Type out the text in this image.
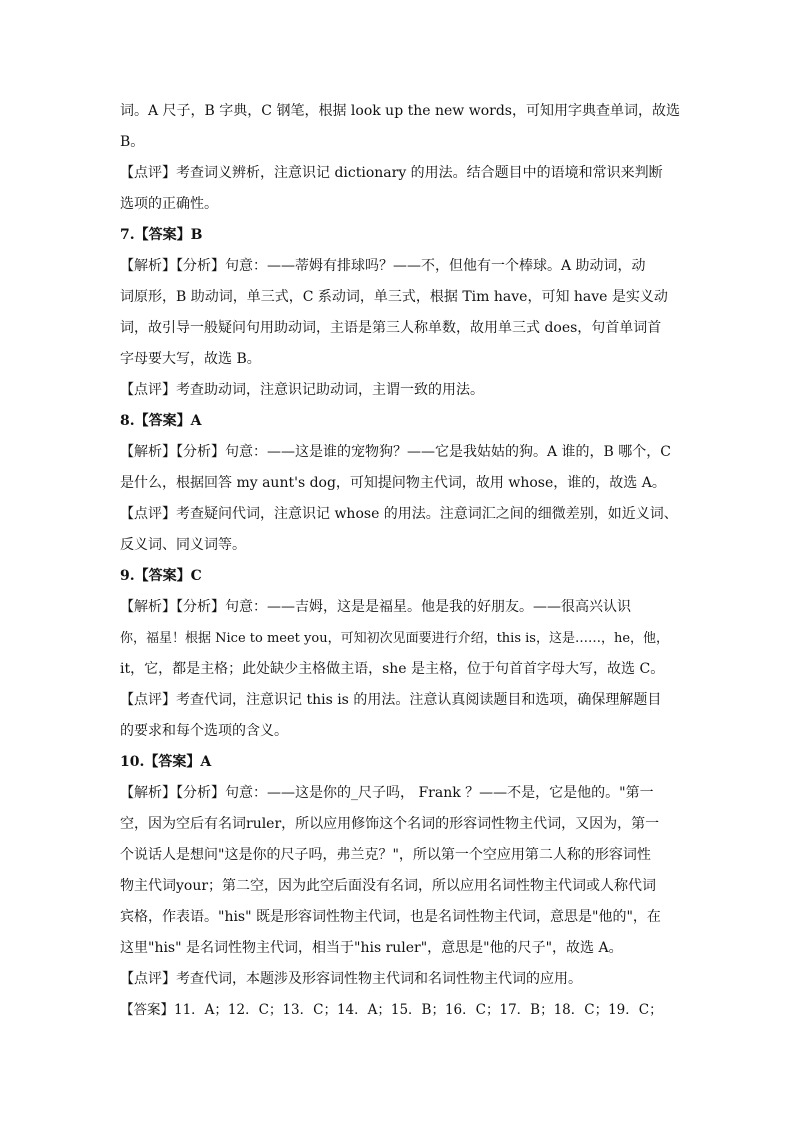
词。A 尺子，B 字典，C 钢笔，根据 look up the new words，可知用字典查单词，故选
B。
【点评】考查词义辨析，注意识记 dictionary 的用法。结合题目中的语境和常识来判断
选项的正确性。
7.【答案】B
【解析】【分析】句意：——蒂姆有排球吗？——不，但他有一个棒球。A 助动词，动
词原形，B 助动词，单三式，C 系动词，单三式，根据 Tim have，可知 have 是实义动
词，故引导一般疑问句用助动词，主语是第三人称单数，故用单三式 does，句首单词首
字母要大写，故选 B。
【点评】考查助动词，注意识记助动词，主谓一致的用法。
8.【答案】A
【解析】【分析】句意：——这是谁的宠物狗？——它是我姑姑的狗。A 谁的，B 哪个，C
是什么，根据回答 my aunt's dog，可知提问物主代词，故用 whose，谁的，故选 A。
【点评】考查疑问代词，注意识记 whose 的用法。注意词汇之间的细微差别，如近义词、
反义词、同义词等。
9.【答案】C
【解析】【分析】句意：——吉姆，这是是福星。他是我的好朋友。——很高兴认识
你，福星！根据 Nice to meet you，可知初次见面要进行介绍，this is，这是……，he，他，
it，它，都是主格；此处缺少主格做主语，she 是主格，位于句首首字母大写，故选 C。
【点评】考查代词，注意识记 this is 的用法。注意认真阅读题目和选项，确保理解题目
的要求和每个选项的含义。
10.【答案】A
【解析】【分析】句意：——这是你的_尺子吗， Frank ？——不是，它是他的。"第一
空，因为空后有名词ruler，所以应用修饰这个名词的形容词性物主代词，又因为，第一
个说话人是想问"这是你的尺子吗，弗兰克？"，所以第一个空应用第二人称的形容词性
物主代词your；第二空，因为此空后面没有名词，所以应用名词性物主代词或人称代词
宾格，作表语。"his" 既是形容词性物主代词，也是名词性物主代词，意思是"他的"，在
这里"his" 是名词性物主代词，相当于"his ruler"，意思是"他的尺子"，故选 A。
【点评】考查代词，本题涉及形容词性物主代词和名词性物主代词的应用。
【答案】11．A；12．C；13．C；14．A；15．B；16．C；17．B；18．C；19．C；
